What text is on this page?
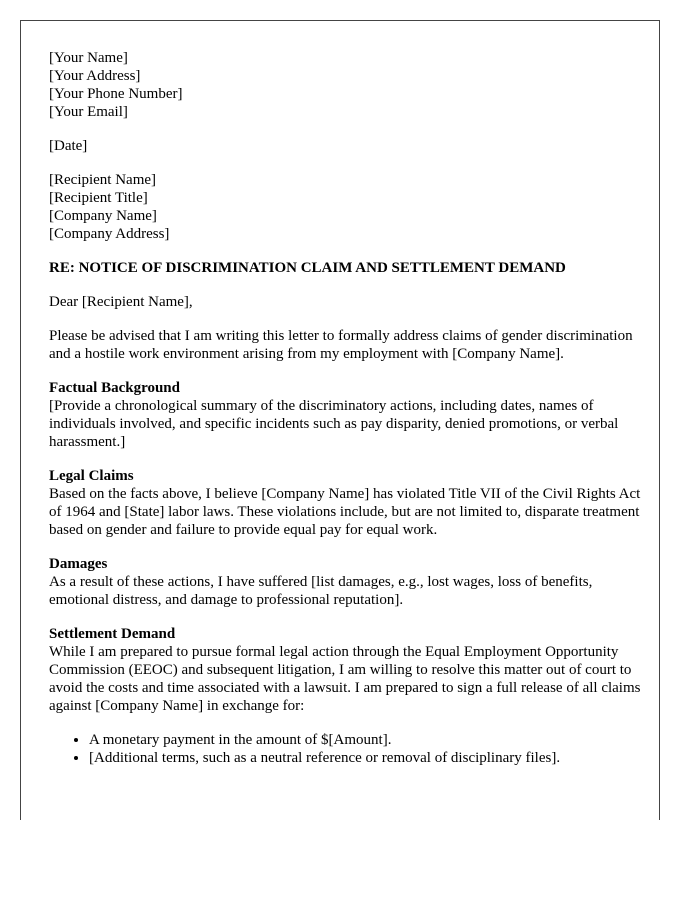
[Your Name]
[Your Address]
[Your Phone Number]
[Your Email]
[Date]
[Recipient Name]
[Recipient Title]
[Company Name]
[Company Address]
RE: NOTICE OF DISCRIMINATION CLAIM AND SETTLEMENT DEMAND

Dear [Recipient Name],

Please be advised that I am writing this letter to formally address claims of gender discrimination and a hostile work environment arising from my employment with [Company Name].

Factual Background
[Provide a chronological summary of the discriminatory actions, including dates, names of individuals involved, and specific incidents such as pay disparity, denied promotions, or verbal harassment.]
Legal Claims
Based on the facts above, I believe [Company Name] has violated Title VII of the Civil Rights Act of 1964 and [State] labor laws. These violations include, but are not limited to, disparate treatment based on gender and failure to provide equal pay for equal work.
Damages
As a result of these actions, I have suffered [list damages, e.g., lost wages, loss of benefits, emotional distress, and damage to professional reputation].
Settlement Demand
While I am prepared to pursue formal legal action through the Equal Employment Opportunity Commission (EEOC) and subsequent litigation, I am willing to resolve this matter out of court to avoid the costs and time associated with a lawsuit. I am prepared to sign a full release of all claims against [Company Name] in exchange for:
• A monetary payment in the amount of $[Amount].
• [Additional terms, such as a neutral reference or removal of disciplinary files].
